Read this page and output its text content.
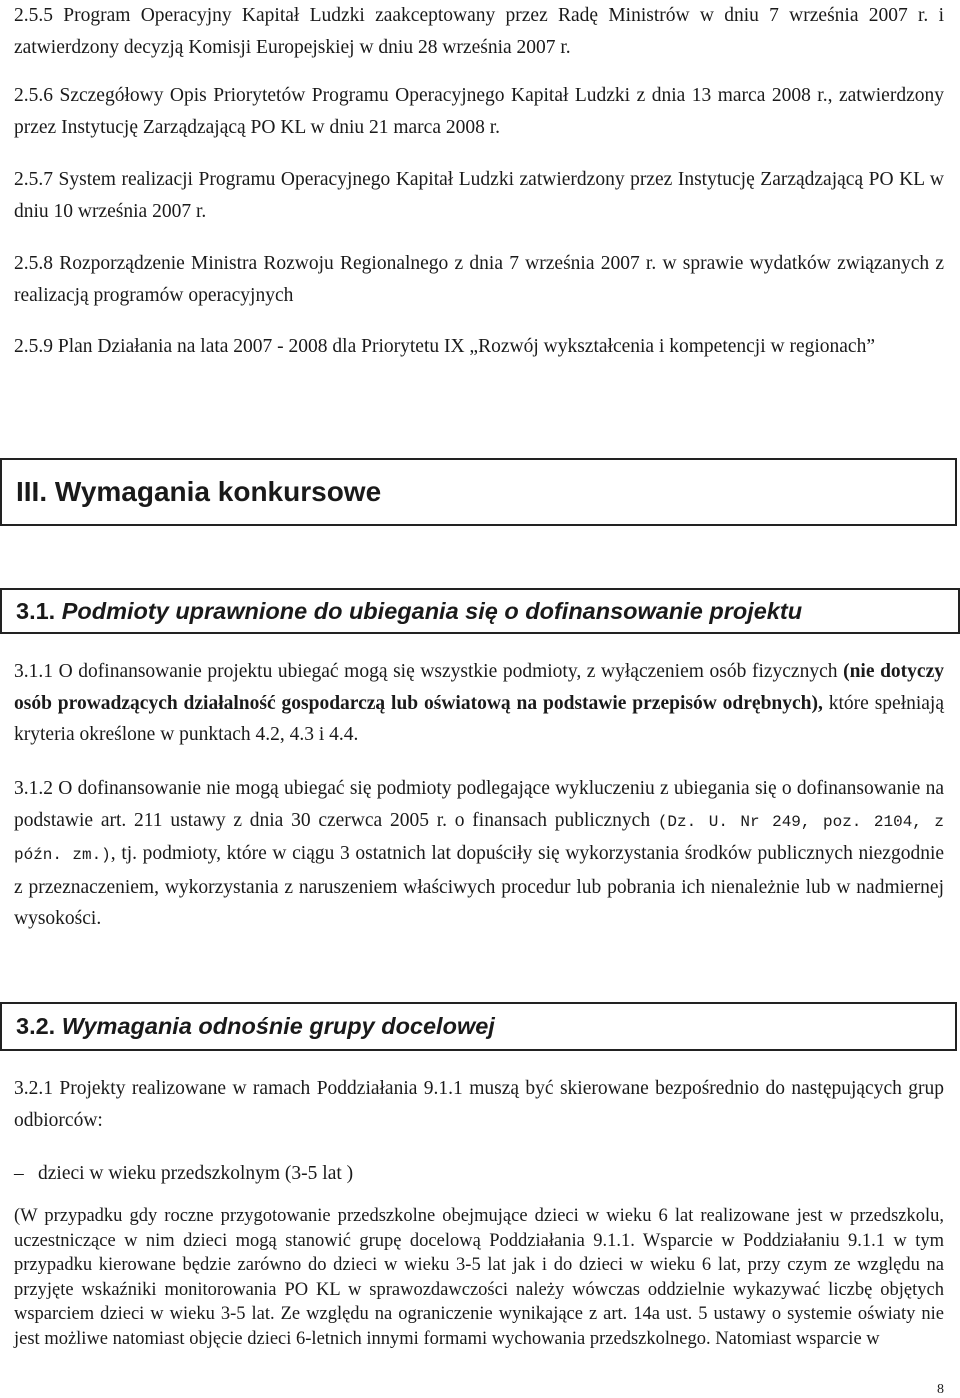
2.5.5 Program Operacyjny Kapitał Ludzki zaakceptowany przez Radę Ministrów w dniu 7 września 2007 r. i zatwierdzony decyzją Komisji Europejskiej w dniu 28 września 2007 r.
2.5.6 Szczegółowy Opis Priorytetów Programu Operacyjnego Kapitał Ludzki z dnia 13 marca 2008 r., zatwierdzony przez Instytucję Zarządzającą PO KL w dniu 21 marca 2008 r.
2.5.7 System realizacji Programu Operacyjnego Kapitał Ludzki zatwierdzony przez Instytucję Zarządzającą PO KL w dniu 10 września 2007 r.
2.5.8 Rozporządzenie Ministra Rozwoju Regionalnego z dnia 7 września 2007 r. w sprawie wydatków związanych z realizacją programów operacyjnych
2.5.9 Plan Działania na lata 2007 - 2008 dla Priorytetu IX „Rozwój wykształcenia i kompetencji w regionach”
III. Wymagania konkursowe
3.1. Podmioty uprawnione do ubiegania się o dofinansowanie projektu
3.1.1 O dofinansowanie projektu ubiegać mogą się wszystkie podmioty, z wyłączeniem osób fizycznych (nie dotyczy osób prowadzących działalność gospodarczą lub oświatową na podstawie przepisów odrębnych), które spełniają kryteria określone w punktach 4.2, 4.3 i 4.4.
3.1.2 O dofinansowanie nie mogą ubiegać się podmioty podlegające wykluczeniu z ubiegania się o dofinansowanie na podstawie art. 211 ustawy z dnia 30 czerwca 2005 r. o finansach publicznych (Dz. U. Nr 249, poz. 2104, z późn. zm.), tj. podmioty, które w ciągu 3 ostatnich lat dopuściły się wykorzystania środków publicznych niezgodnie z przeznaczeniem, wykorzystania z naruszeniem właściwych procedur lub pobrania ich nienależnie lub w nadmiernej wysokości.
3.2. Wymagania odnośnie grupy docelowej
3.2.1 Projekty realizowane w ramach Poddziałania 9.1.1 muszą być skierowane bezpośrednio do następujących grup odbiorców:
– dzieci w wieku przedszkolnym (3-5 lat )
(W przypadku gdy roczne przygotowanie przedszkolne obejmujące dzieci w wieku 6 lat realizowane jest w przedszkolu, uczestniczące w nim dzieci mogą stanowić grupę docelową Poddziałania 9.1.1. Wsparcie w Poddziałaniu 9.1.1 w tym przypadku kierowane będzie zarówno do dzieci w wieku 3-5 lat jak i do dzieci w wieku 6 lat, przy czym ze względu na przyjęte wskaźniki monitorowania PO KL w sprawozdawczości należy wówczas oddzielnie wykazywać liczbę objętych wsparciem dzieci w wieku 3-5 lat. Ze względu na ograniczenie wynikające z art. 14a ust. 5 ustawy o systemie oświaty nie jest możliwe natomiast objęcie dzieci 6-letnich innymi formami wychowania przedszkolnego. Natomiast wsparcie w
8
